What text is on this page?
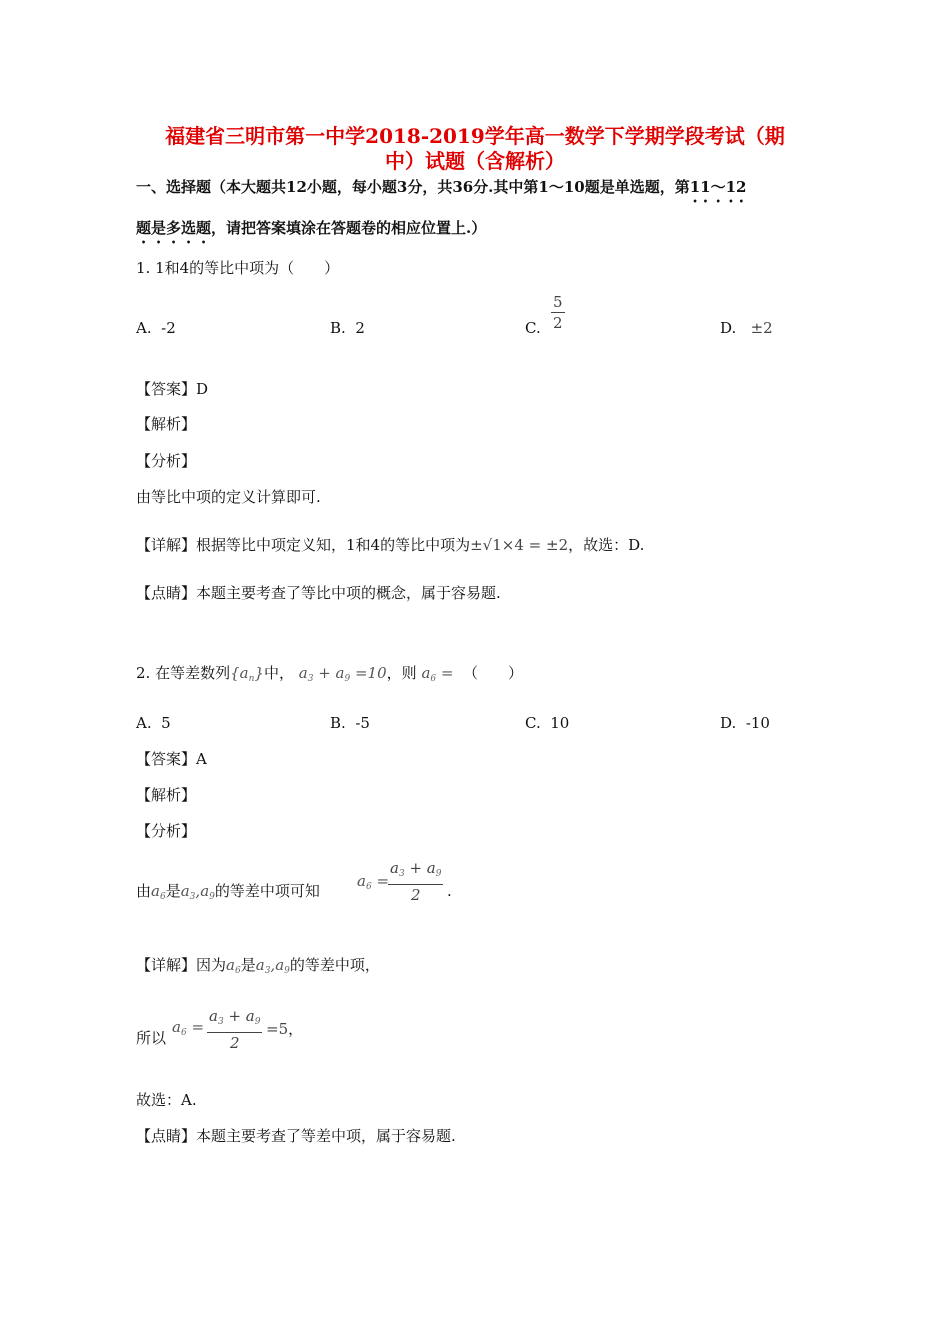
福建省三明市第一中学2018-2019学年高一数学下学期学段考试（期
中）试题（含解析）
一、选择题（本大题共12小题，每小题3分，共36分.其中第1～10题是单选题，第11～12
题是多选题，请把答案填涂在答题卷的相应位置上.）
1. 1和4的等比中项为（　　）
A. -2	B. 2	C. $\frac{5}{2}$	D. ±2
【答案】D
【解析】
【分析】
由等比中项的定义计算即可.
【详解】根据等比中项定义知，1和4的等比中项为±√1×4 = ±2，故选：D.
【点睛】本题主要考查了等比中项的概念，属于容易题.
2. 在等差数列$\{a_n\}$中， $a_3 + a_9 =10$，则 $a_6$ = （　　）
A. 5	B. -5	C. 10	D. -10
【答案】A
【解析】
【分析】
由$a_6$是$a_3,a_9$的等差中项可知
$a_6$ =
$\frac{a_3 + a_9}{2}$ .
【详解】因为$a_6$是$a_3,a_9$的等差中项，
所以
$a_6 = \frac{a_3 + a_9}{2} =5$，
故选：A.
【点睛】本题主要考查了等差中项，属于容易题.
